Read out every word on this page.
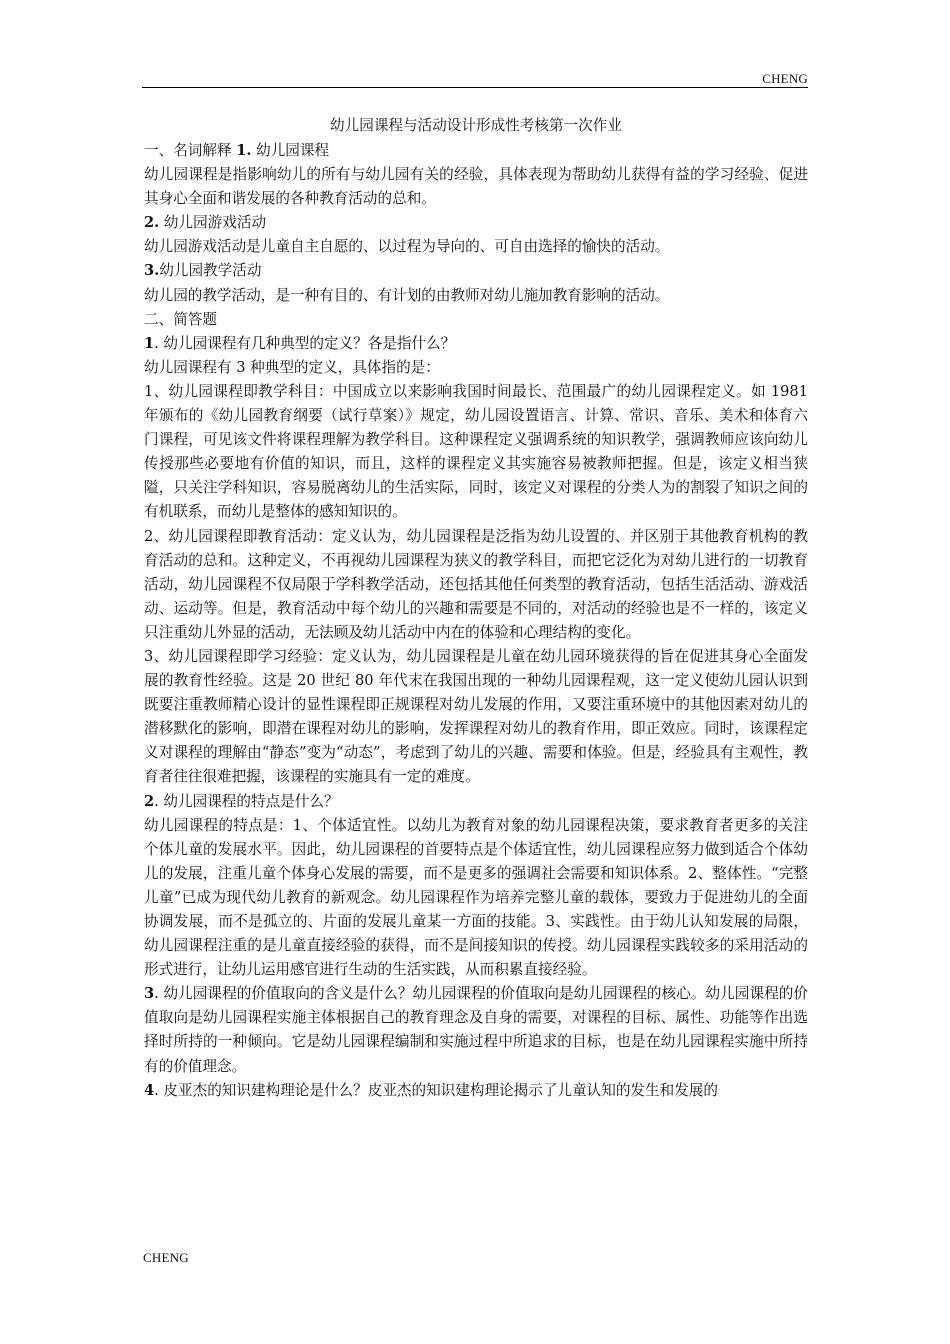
CHENG

幼儿园课程与活动设计形成性考核第一次作业

一、名词解释 1. 幼儿园课程

幼儿园课程是指影响幼儿的所有与幼儿园有关的经验，具体表现为帮助幼儿获得有益的学习经验、促进其身心全面和谐发展的各种教育活动的总和。

2. 幼儿园游戏活动

幼儿园游戏活动是儿童自主自愿的、以过程为导向的、可自由选择的愉快的活动。

3.幼儿园教学活动

幼儿园的教学活动，是一种有目的、有计划的由教师对幼儿施加教育影响的活动。

二、简答题

1. 幼儿园课程有几种典型的定义？各是指什么？

幼儿园课程有 3 种典型的定义，具体指的是：

1、幼儿园课程即教学科目：中国成立以来影响我国时间最长、范围最广的幼儿园课程定义。如 1981 年颁布的《幼儿园教育纲要（试行草案）》规定，幼儿园设置语言、计算、常识、音乐、美术和体育六门课程，可见该文件将课程理解为教学科目。这种课程定义强调系统的知识教学，强调教师应该向幼儿传授那些必要地有价值的知识，而且，这样的课程定义其实施容易被教师把握。但是，该定义相当狭隘，只关注学科知识，容易脱离幼儿的生活实际，同时，该定义对课程的分类人为的割裂了知识之间的有机联系，而幼儿是整体的感知知识的。

2、幼儿园课程即教育活动：定义认为，幼儿园课程是泛指为幼儿设置的、并区别于其他教育机构的教育活动的总和。这种定义，不再视幼儿园课程为狭义的教学科目，而把它泛化为对幼儿进行的一切教育活动，幼儿园课程不仅局限于学科教学活动，还包括其他任何类型的教育活动，包括生活活动、游戏活动、运动等。但是，教育活动中每个幼儿的兴趣和需要是不同的，对活动的经验也是不一样的，该定义只注重幼儿外显的活动，无法顾及幼儿活动中内在的体验和心理结构的变化。

3、幼儿园课程即学习经验：定义认为，幼儿园课程是儿童在幼儿园环境获得的旨在促进其身心全面发展的教育性经验。这是 20 世纪 80 年代末在我国出现的一种幼儿园课程观，这一定义使幼儿园认识到既要注重教师精心设计的显性课程即正规课程对幼儿发展的作用，又要注重环境中的其他因素对幼儿的潜移默化的影响，即潜在课程对幼儿的影响，发挥课程对幼儿的教育作用，即正效应。同时，该课程定义对课程的理解由“静态”变为“动态”，考虑到了幼儿的兴趣、需要和体验。但是，经验具有主观性，教育者往往很难把握，该课程的实施具有一定的难度。

2. 幼儿园课程的特点是什么？

幼儿园课程的特点是：1、个体适宜性。以幼儿为教育对象的幼儿园课程决策，要求教育者更多的关注个体儿童的发展水平。因此，幼儿园课程的首要特点是个体适宜性，幼儿园课程应努力做到适合个体幼儿的发展，注重儿童个体身心发展的需要，而不是更多的强调社会需要和知识体系。2、整体性。“完整儿童”已成为现代幼儿教育的新观念。幼儿园课程作为培养完整儿童的载体，要致力于促进幼儿的全面协调发展，而不是孤立的、片面的发展儿童某一方面的技能。3、实践性。由于幼儿认知发展的局限，幼儿园课程注重的是儿童直接经验的获得，而不是间接知识的传授。幼儿园课程实践较多的采用活动的形式进行，让幼儿运用感官进行生动的生活实践，从而积累直接经验。

3. 幼儿园课程的价值取向的含义是什么？幼儿园课程的价值取向是幼儿园课程的核心。幼儿园课程的价值取向是幼儿园课程实施主体根据自己的教育理念及自身的需要，对课程的目标、属性、功能等作出选择时所持的一种倾向。它是幼儿园课程编制和实施过程中所追求的目标，也是在幼儿园课程实施中所持有的价值理念。

4. 皮亚杰的知识建构理论是什么？皮亚杰的知识建构理论揭示了儿童认知的发生和发展的

CHENG
